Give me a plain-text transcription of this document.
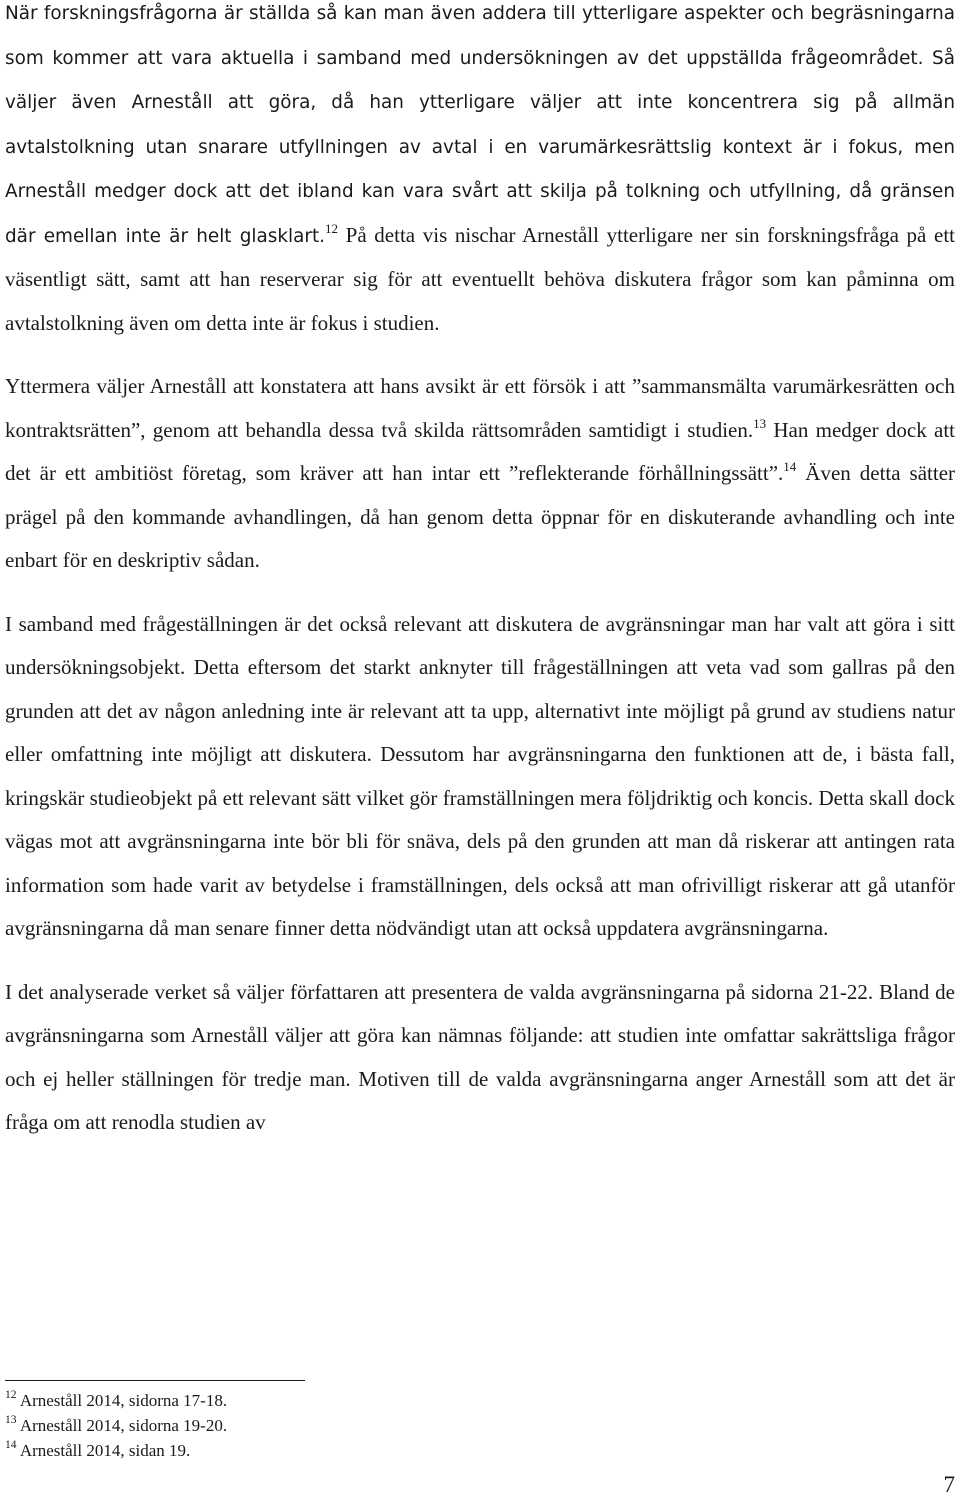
När forskningsfrågorna är ställda så kan man även addera till ytterligare aspekter och begräsningarna som kommer att vara aktuella i samband med undersökningen av det uppställda frågeområdet. Så väljer även Arneståll att göra, då han ytterligare väljer att inte koncentrera sig på allmän avtalstolkning utan snarare utfyllningen av avtal i en varumärkesrättslig kontext är i fokus, men Arneståll medger dock att det ibland kan vara svårt att skilja på tolkning och utfyllning, då gränsen där emellan inte är helt glasklart.$^{12}$ På detta vis nischar Arneståll ytterligare ner sin forskningsfråga på ett väsentligt sätt, samt att han reserverar sig för att eventuellt behöva diskutera frågor som kan påminna om avtalstolkning även om detta inte är fokus i studien.

Yttermera väljer Arneståll att konstatera att hans avsikt är ett försök i att ”sammansmälta varumärkesrätten och kontraktsrätten”, genom att behandla dessa två skilda rättsområden samtidigt i studien.$^{13}$ Han medger dock att det är ett ambitiöst företag, som kräver att han intar ett ”reflekterande förhållningssätt”.$^{14}$ Även detta sätter prägel på den kommande avhandlingen, då han genom detta öppnar för en diskuterande avhandling och inte enbart för en deskriptiv sådan.

I samband med frågeställningen är det också relevant att diskutera de avgränsningar man har valt att göra i sitt undersökningsobjekt. Detta eftersom det starkt anknyter till frågeställningen att veta vad som gallras på den grunden att det av någon anledning inte är relevant att ta upp, alternativt inte möjligt på grund av studiens natur eller omfattning inte möjligt att diskutera. Dessutom har avgränsningarna den funktionen att de, i bästa fall, kringskär studieobjekt på ett relevant sätt vilket gör framställningen mera följdriktig och koncis. Detta skall dock vägas mot att avgränsningarna inte bör bli för snäva, dels på den grunden att man då riskerar att antingen rata information som hade varit av betydelse i framställningen, dels också att man ofrivilligt riskerar att gå utanför avgränsningarna då man senare finner detta nödvändigt utan att också uppdatera avgränsningarna.

I det analyserade verket så väljer författaren att presentera de valda avgränsningarna på sidorna 21-22. Bland de avgränsningarna som Arneståll väljer att göra kan nämnas följande: att studien inte omfattar sakrättsliga frågor och ej heller ställningen för tredje man. Motiven till de valda avgränsningarna anger Arneståll som att det är fråga om att renodla studien av

$^{12}$ Arneståll 2014, sidorna 17-18.

$^{13}$ Arneståll 2014, sidorna 19-20.

$^{14}$ Arneståll 2014, sidan 19.

7
